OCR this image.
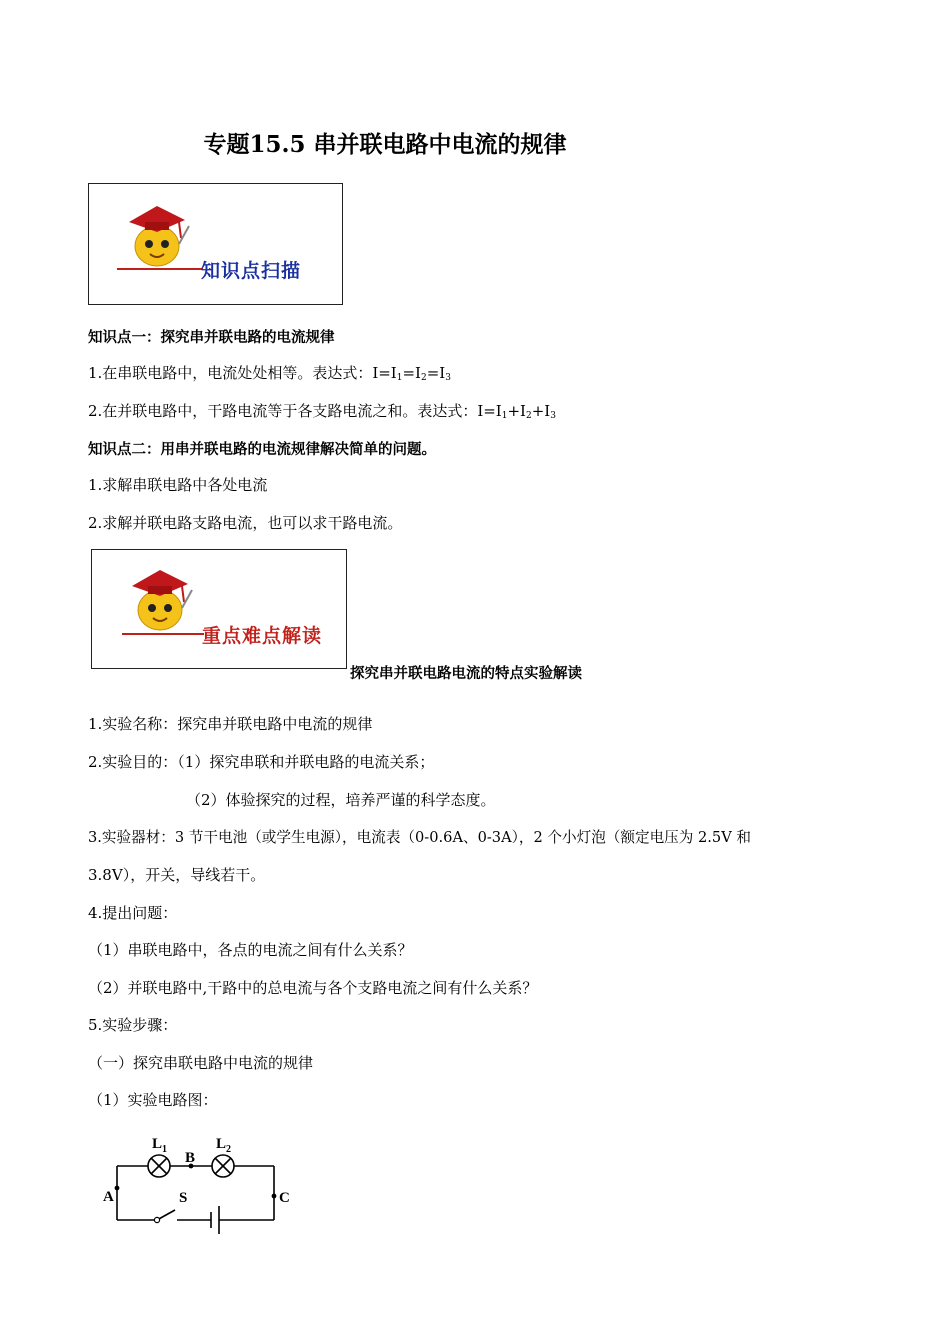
专题15.5 串并联电路中电流的规律
知识点扫描
知识点一：探究串并联电路的电流规律
1.在串联电路中，电流处处相等。表达式：$I=I_1=I_2=I_3$
2.在并联电路中，干路电流等于各支路电流之和。表达式：$I=I_1+I_2+I_3$
知识点二：用串并联电路的电流规律解决简单的问题。
1.求解串联电路中各处电流
2.求解并联电路支路电流，也可以求干路电流。
重点难点解读
探究串并联电路电流的特点实验解读
1.实验名称：探究串并联电路中电流的规律
2.实验目的：（1）探究串联和并联电路的电流关系；
（2）体验探究的过程，培养严谨的科学态度。
3.实验器材：3 节干电池（或学生电源），电流表（0-0.6A、0-3A），2 个小灯泡（额定电压为 2.5V 和
3.8V），开关，导线若干。
4.提出问题：
（1）串联电路中，各点的电流之间有什么关系？
（2）并联电路中,干路中的总电流与各个支路电流之间有什么关系？
5.实验步骤：
（一）探究串联电路中电流的规律
（1）实验电路图：
$L_1$	$L_2$
B
A	C
S
